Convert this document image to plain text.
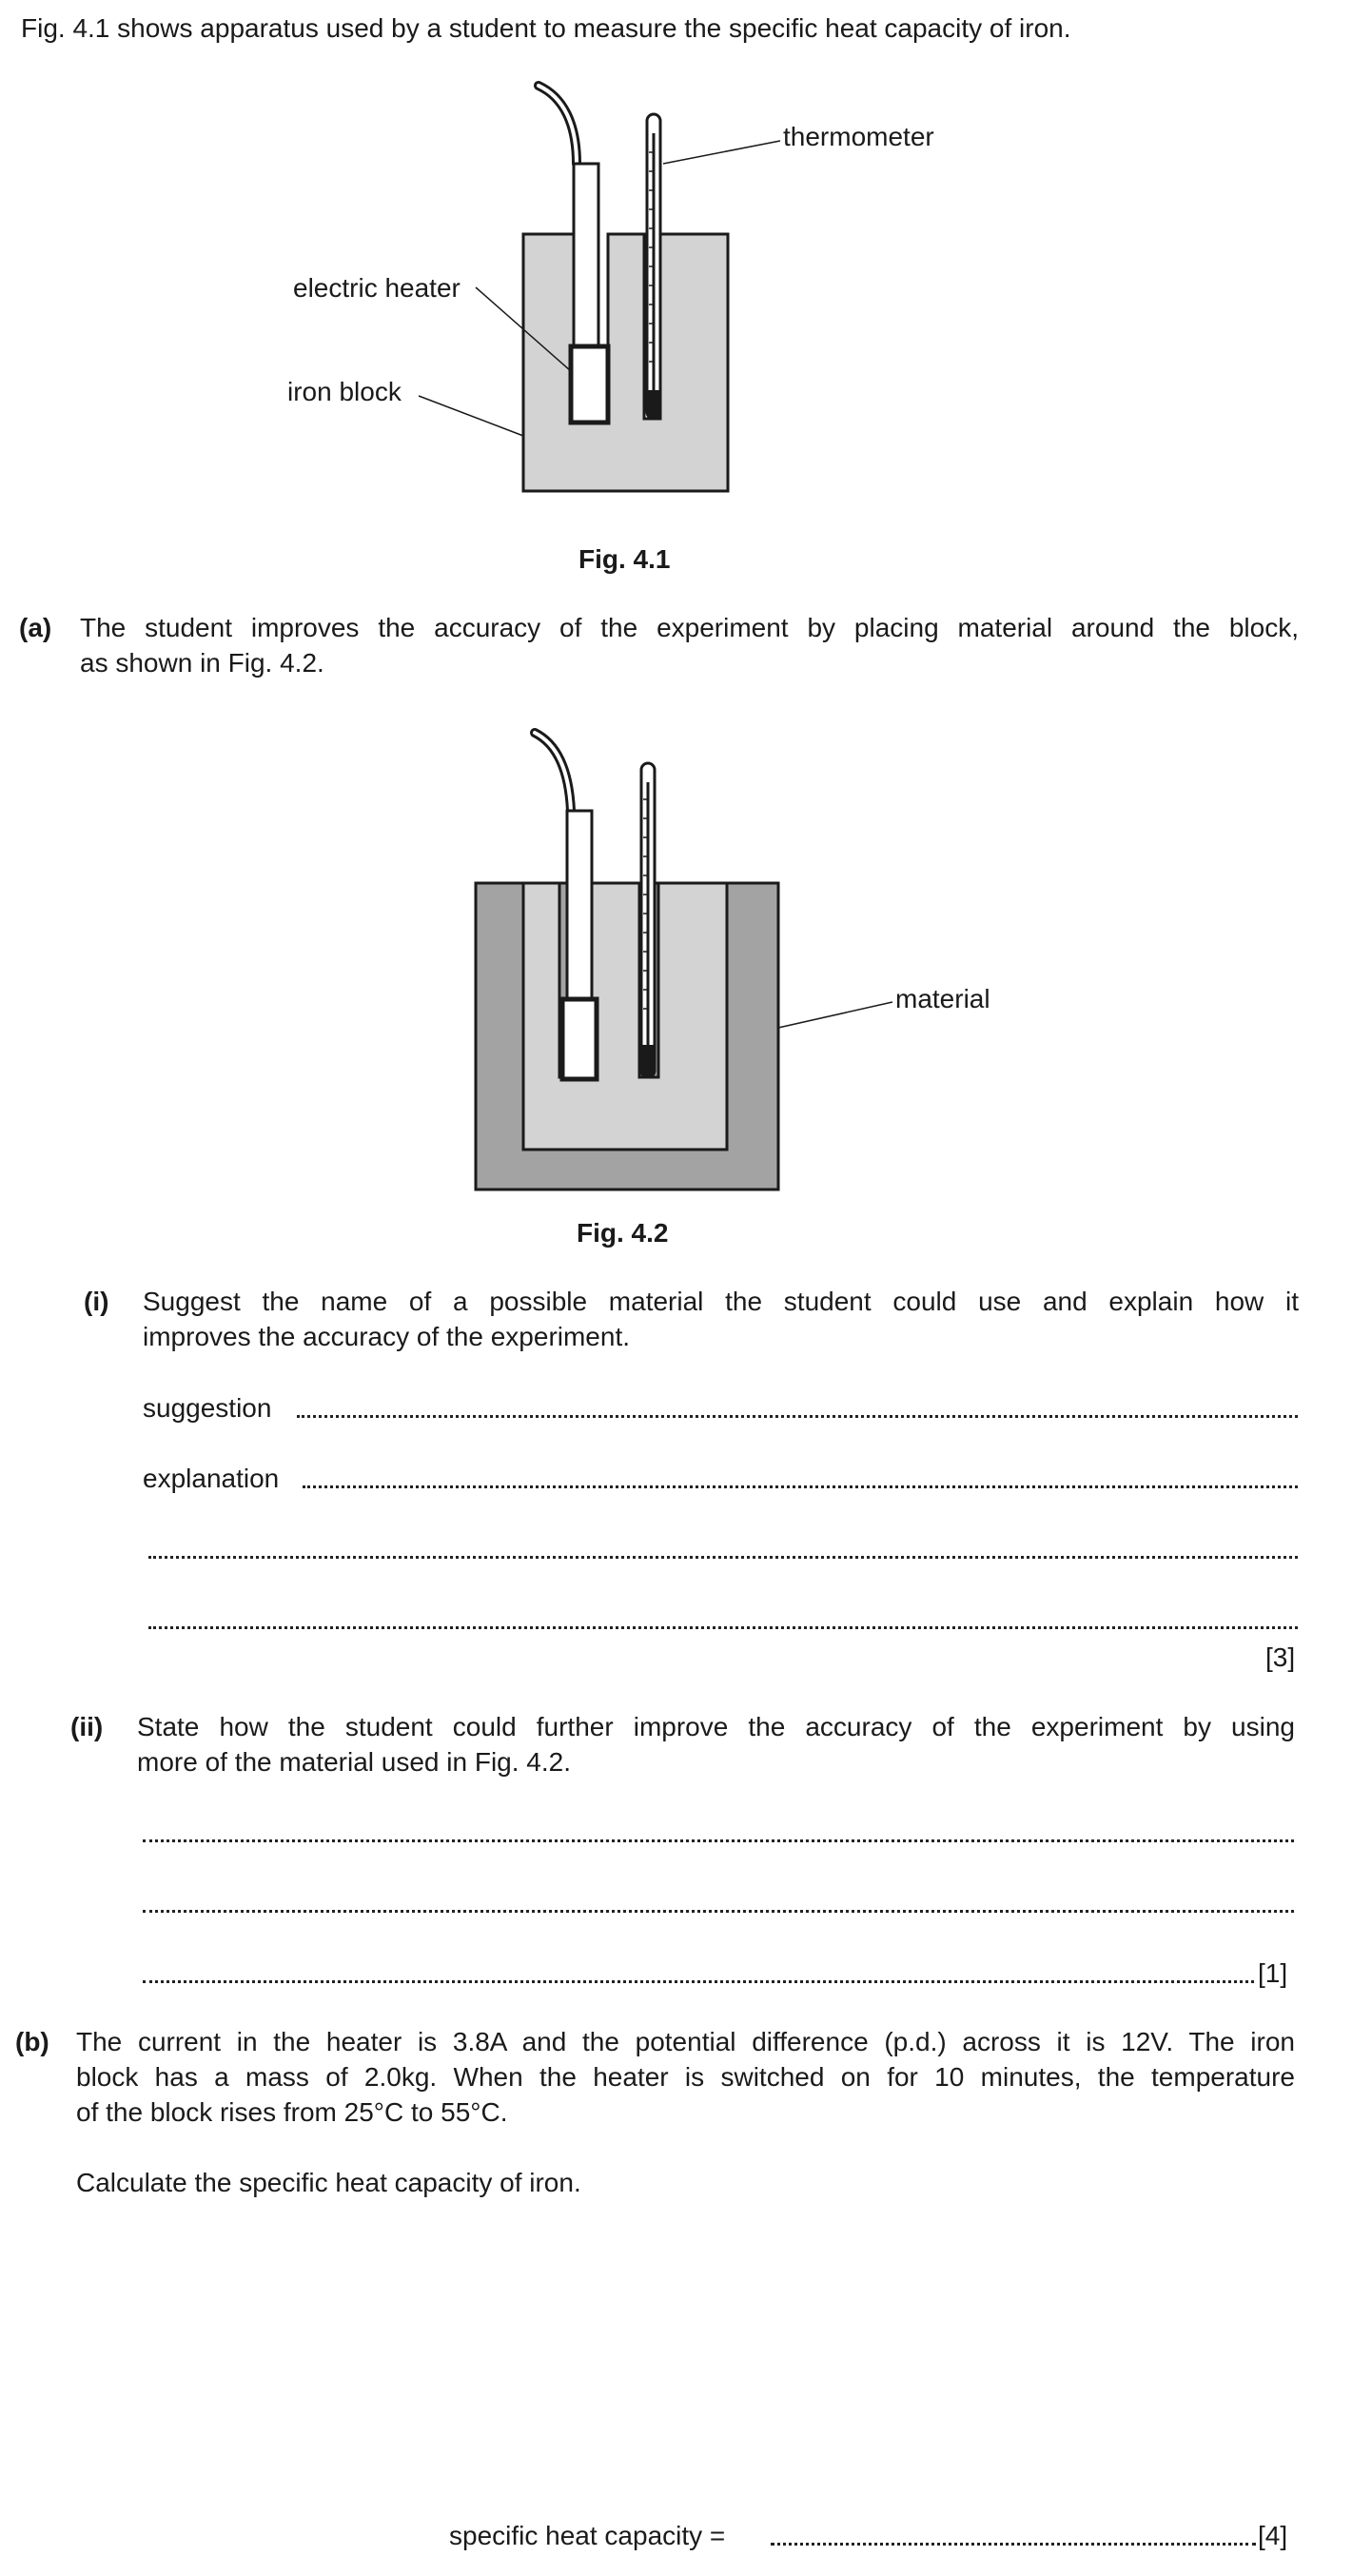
Fig. 4.1 shows apparatus used by a student to measure the specific heat capacity of iron.
thermometer
electric heater
iron block
Fig. 4.1
(a) The student improves the accuracy of the experiment by placing material around the block,
as shown in Fig. 4.2.
material
Fig. 4.2
(i) Suggest the name of a possible material the student could use and explain how it
improves the accuracy of the experiment.
suggestion
explanation
[3]
(ii) State how the student could further improve the accuracy of the experiment by using
more of the material used in Fig. 4.2.
[1]
(b) The current in the heater is 3.8A and the potential difference (p.d.) across it is 12V. The iron
block has a mass of 2.0kg. When the heater is switched on for 10 minutes, the temperature
of the block rises from 25°C to 55°C.
Calculate the specific heat capacity of iron.
specific heat capacity =	[4]
